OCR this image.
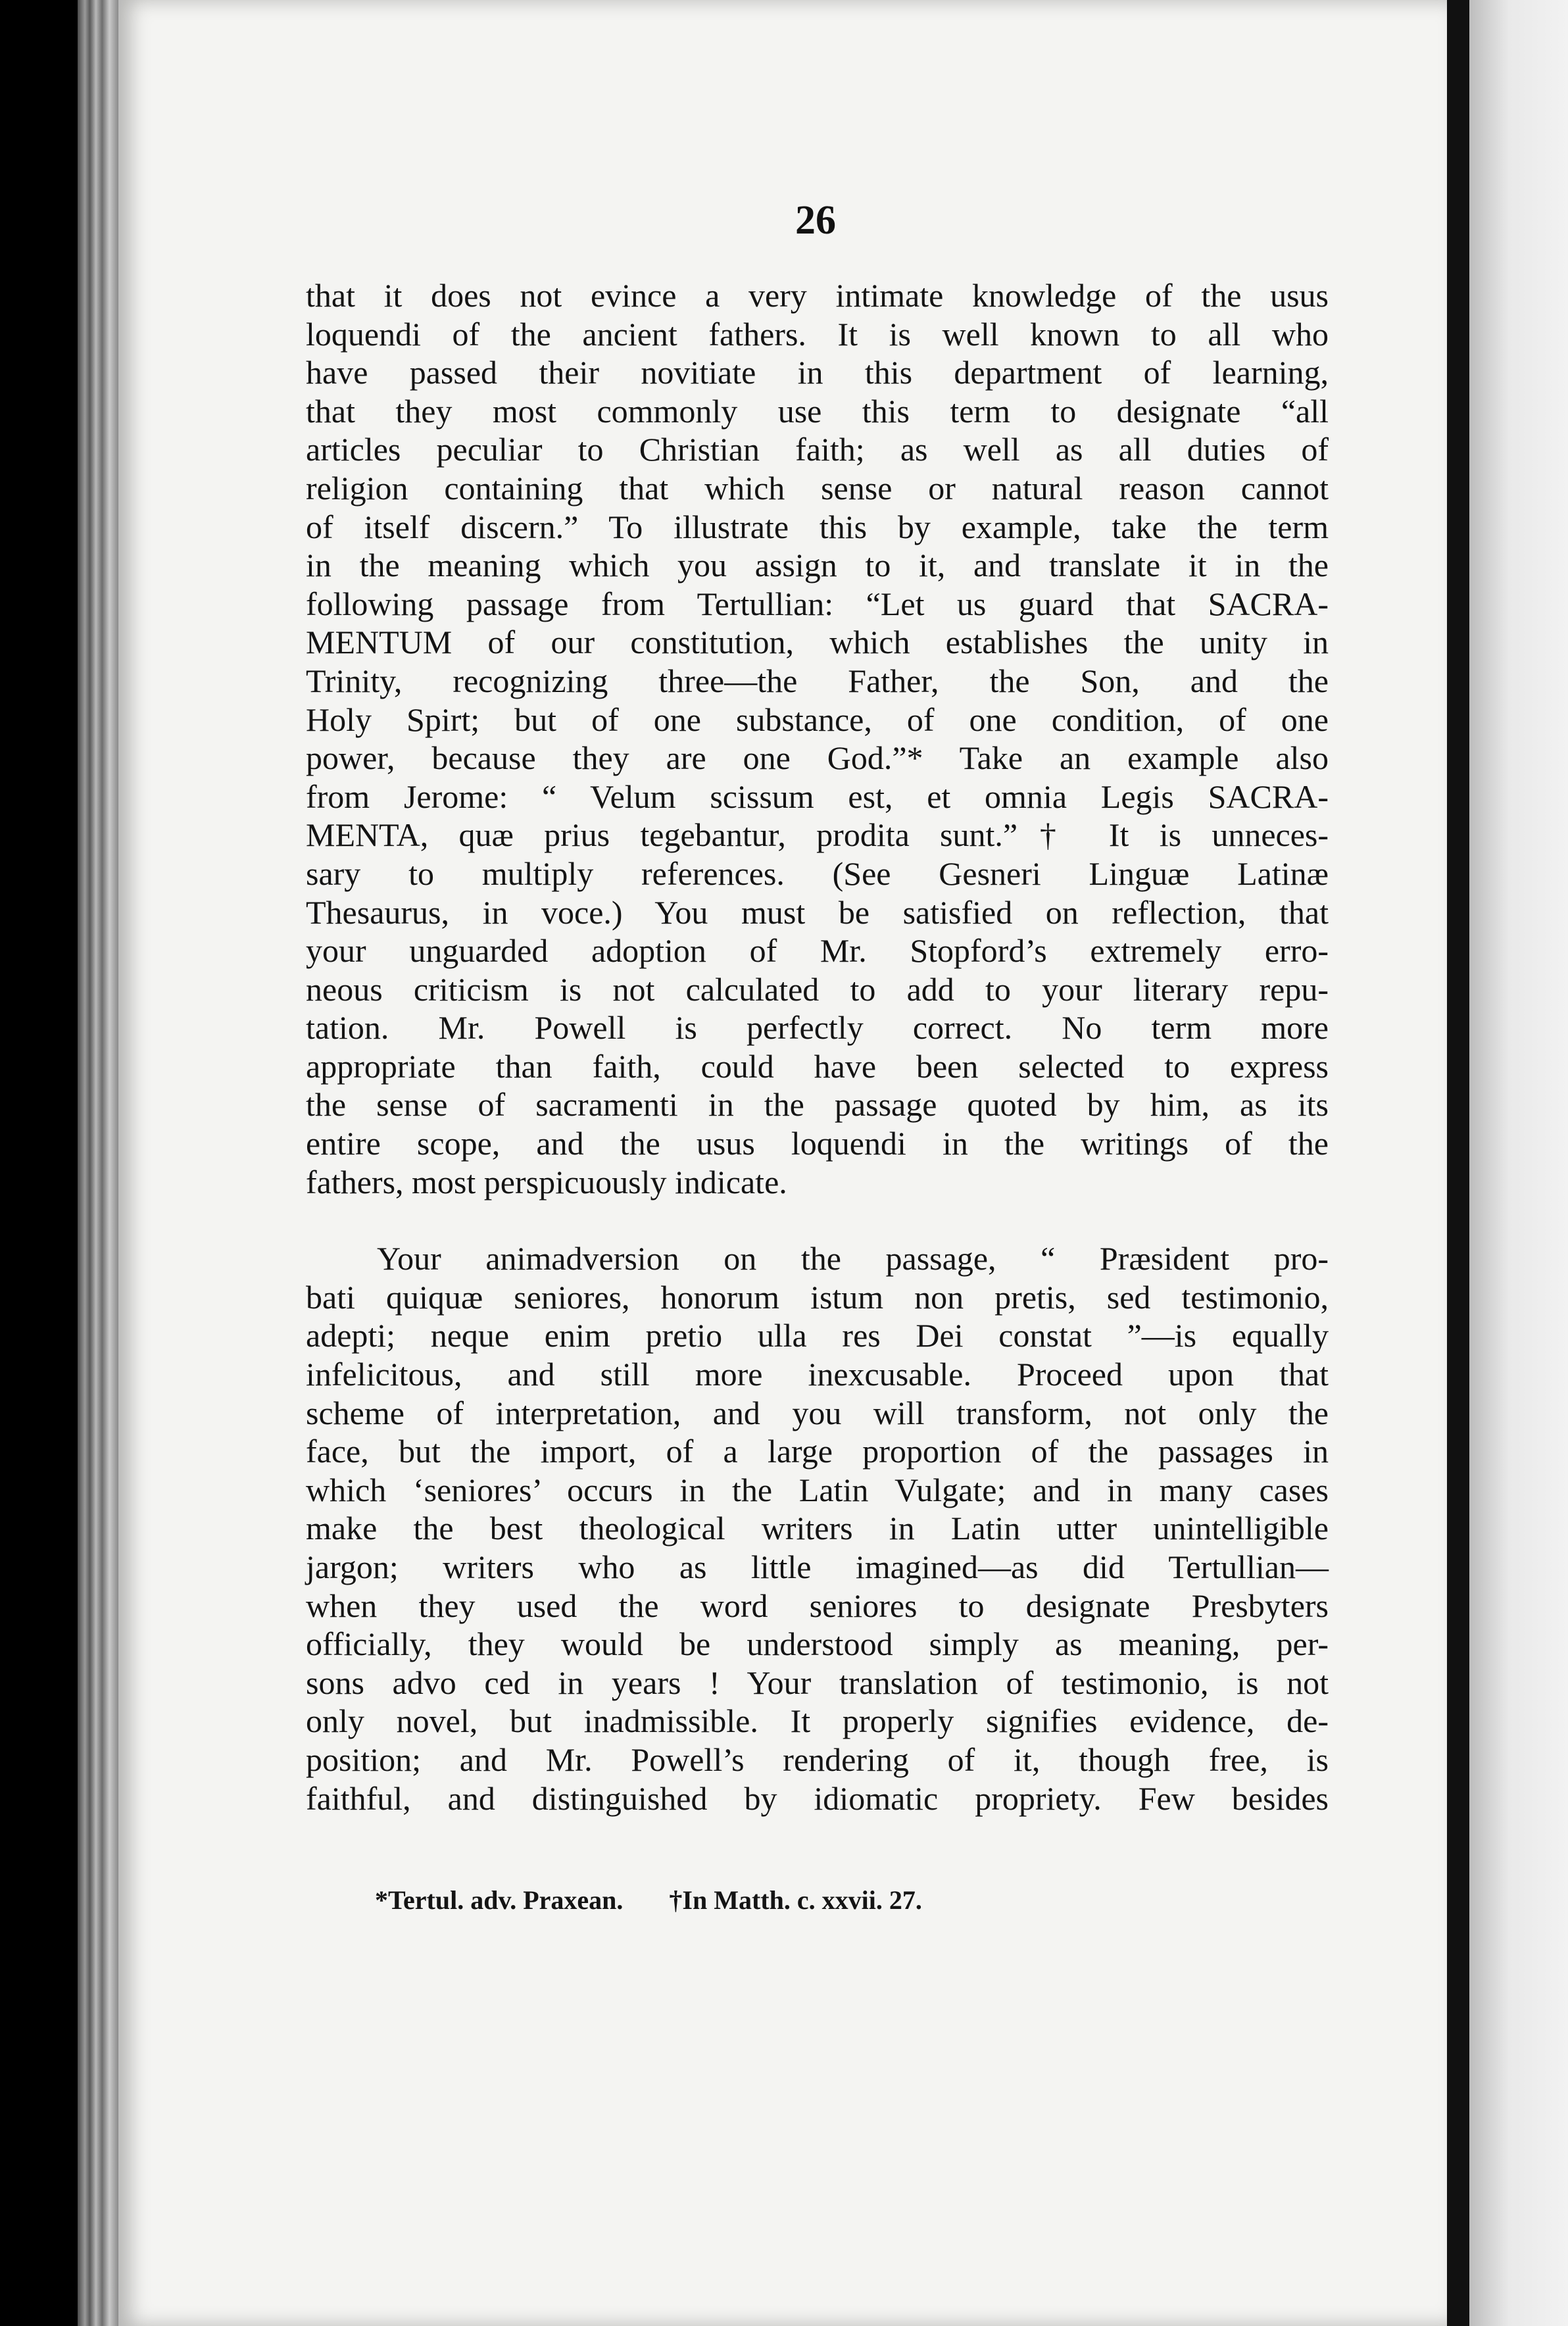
26
that it does not evince a very intimate knowledge of the usus
loquendi of the ancient fathers. It is well known to all who
have passed their novitiate in this department of learning,
that they most commonly use this term to designate “all
articles peculiar to Christian faith; as well as all duties of
religion containing that which sense or natural reason cannot
of itself discern.” To illustrate this by example, take the term
in the meaning which you assign to it, and translate it in the
following passage from Tertullian: “Let us guard that SACRA-
MENTUM of our constitution, which establishes the unity in
Trinity, recognizing three—the Father, the Son, and the
Holy Spirt; but of one substance, of one condition, of one
power, because they are one God.”* Take an example also
from Jerome: “ Velum scissum est, et omnia Legis SACRA-
MENTA, quæ prius tegebantur, prodita sunt.”† It is unneces-
sary to multiply references. (See Gesneri Linguæ Latinæ
Thesaurus, in voce.) You must be satisfied on reflection, that
your unguarded adoption of Mr. Stopford’s extremely erro-
neous criticism is not calculated to add to your literary repu-
tation. Mr. Powell is perfectly correct. No term more
appropriate than faith, could have been selected to express
the sense of sacramenti in the passage quoted by him, as its
entire scope, and the usus loquendi in the writings of the
fathers, most perspicuously indicate.
Your animadversion on the passage, “ Præsident pro-
bati quiquæ seniores, honorum istum non pretis, sed testimonio,
adepti; neque enim pretio ulla res Dei constat ”—is equally
infelicitous, and still more inexcusable. Proceed upon that
scheme of interpretation, and you will transform, not only the
face, but the import, of a large proportion of the passages in
which ‘seniores’ occurs in the Latin Vulgate; and in many cases
make the best theological writers in Latin utter unintelligible
jargon; writers who as little imagined—as did Tertullian—
when they used the word seniores to designate Presbyters
officially, they would be understood simply as meaning, per-
sons advo ced in years ! Your translation of testimonio, is not
only novel, but inadmissible. It properly signifies evidence, de-
position; and Mr. Powell’s rendering of it, though free, is
faithful, and distinguished by idiomatic propriety. Few besides
*Tertul. adv. Praxean. †In Matth. c. xxvii. 27.
